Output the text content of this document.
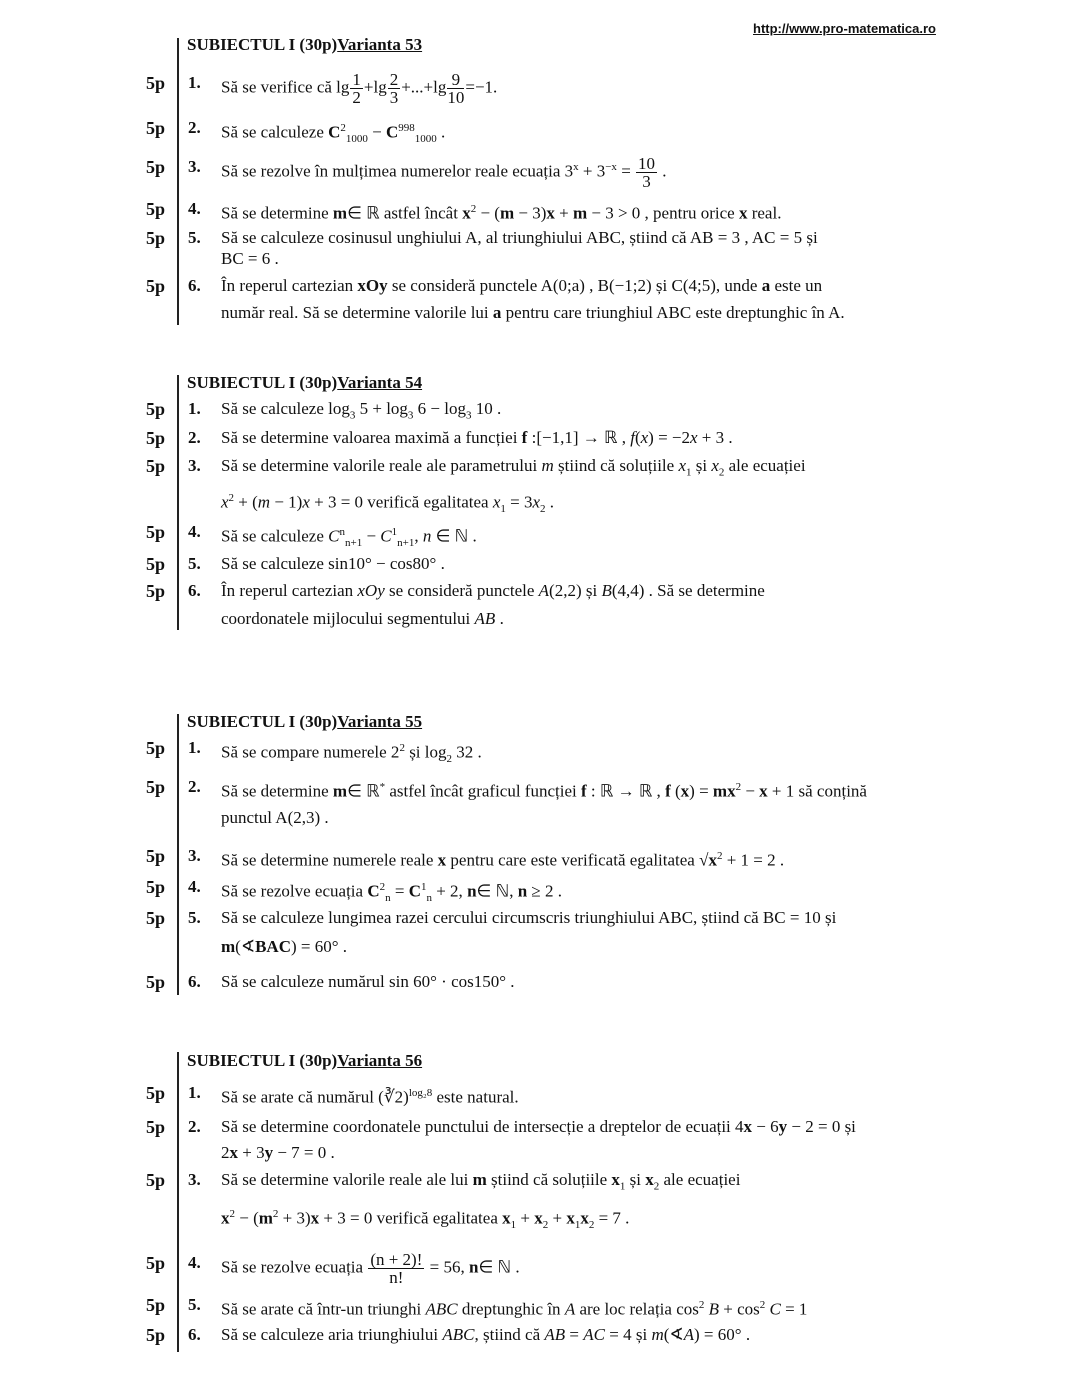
http://www.pro-matematica.ro
SUBIECTUL I (30p)Varianta 53
5p 1. Să se verifice că $\lg \frac{1}{2} +\lg \frac{2}{3} +...+\lg \frac{9}{10} =-1$.
5p 2. Să se calculeze $C^2_{1000} - C^{998}_{1000}$ .
5p 3. Să se rezolve în mulțimea numerelor reale ecuația $3^x + 3^{-x} = \frac{10}{3}$ .
5p 4. Să se determine m∈ ℝ astfel încât $x^2 - (m - 3)x + m - 3 > 0$ , pentru orice x real.
5p 5. Să se calculeze cosinusul unghiului A, al triunghiului ABC, știind că AB = 3 , AC = 5 și
BC = 6 .
5p 6. În reperul cartezian xOy se consideră punctele A(0;a) , B(−1;2) și C(4;5), unde a este un
număr real. Să se determine valorile lui a pentru care triunghiul ABC este dreptunghic în A.
SUBIECTUL I (30p)Varianta 54
5p 1. Să se calculeze $\log_3 5 + \log_3 6 - \log_3 10$ .
5p 2. Să se determine valoarea maximă a funcției f :[−1,1] → ℝ , f(x) = −2x + 3 .
5p 3. Să se determine valorile reale ale parametrului m știind că soluțiile $x_1$ și $x_2$ ale ecuației
$x^2 + (m - 1)x + 3 = 0$ verifică egalitatea $x_1 = 3x_2$ .
5p 4. Să se calculeze $C^n_{n+1} - C^1_{n+1}$, n ∈ ℕ .
5p 5. Să se calculeze sin10° − cos80° .
5p 6. În reperul cartezian xOy se consideră punctele A(2,2) și B(4,4) . Să se determine
coordonatele mijlocului segmentului AB .
SUBIECTUL I (30p)Varianta 55
5p 1. Să se compare numerele $2^2$ și $\log_2 32$ .
5p 2. Să se determine m∈ ℝ* astfel încât graficul funcției f : ℝ → ℝ , f $(x) = mx^2 - x + 1$ să conțină
punctul A(2,3) .
5p 3. Să se determine numerele reale x pentru care este verificată egalitatea $√x^2 + 1 = 2$ .
5p 4. Să se rezolve ecuația $C^2_n = C^1_n + 2$, n∈ ℕ, n ≥ 2 .
5p 5. Să se calculeze lungimea razei cercului circumscris triunghiului ABC, știind că BC = 10 și
m(∢BAC) = 60° .
5p 6. Să se calculeze numărul sin 60° · cos150° .
SUBIECTUL I (30p)Varianta 56
5p 1. Să se arate că numărul (∛2)$^{log_28}$ este natural.
5p 2. Să se determine coordonatele punctului de intersecție a dreptelor de ecuații 4x − 6y − 2 = 0 și
2x + 3y − 7 = 0 .
5p 3. Să se determine valorile reale ale lui m știind că soluțiile $x_1$ și $x_2$ ale ecuației
$x^2 - (m^2 + 3)x + 3 = 0$ verifică egalitatea $x_1 + x_2 + x_1x_2 = 7$ .
5p 4. Să se rezolve ecuația $\frac{(n + 2)!}{n!} = 56$, n∈ ℕ .
5p 5. Să se arate că într-un triunghi ABC dreptunghic în A are loc relația $\cos^2 B + \cos^2 C = 1$
5p 6. Să se calculeze aria triunghiului ABC, știind că AB = AC = 4 și m(∢A) = 60° .
